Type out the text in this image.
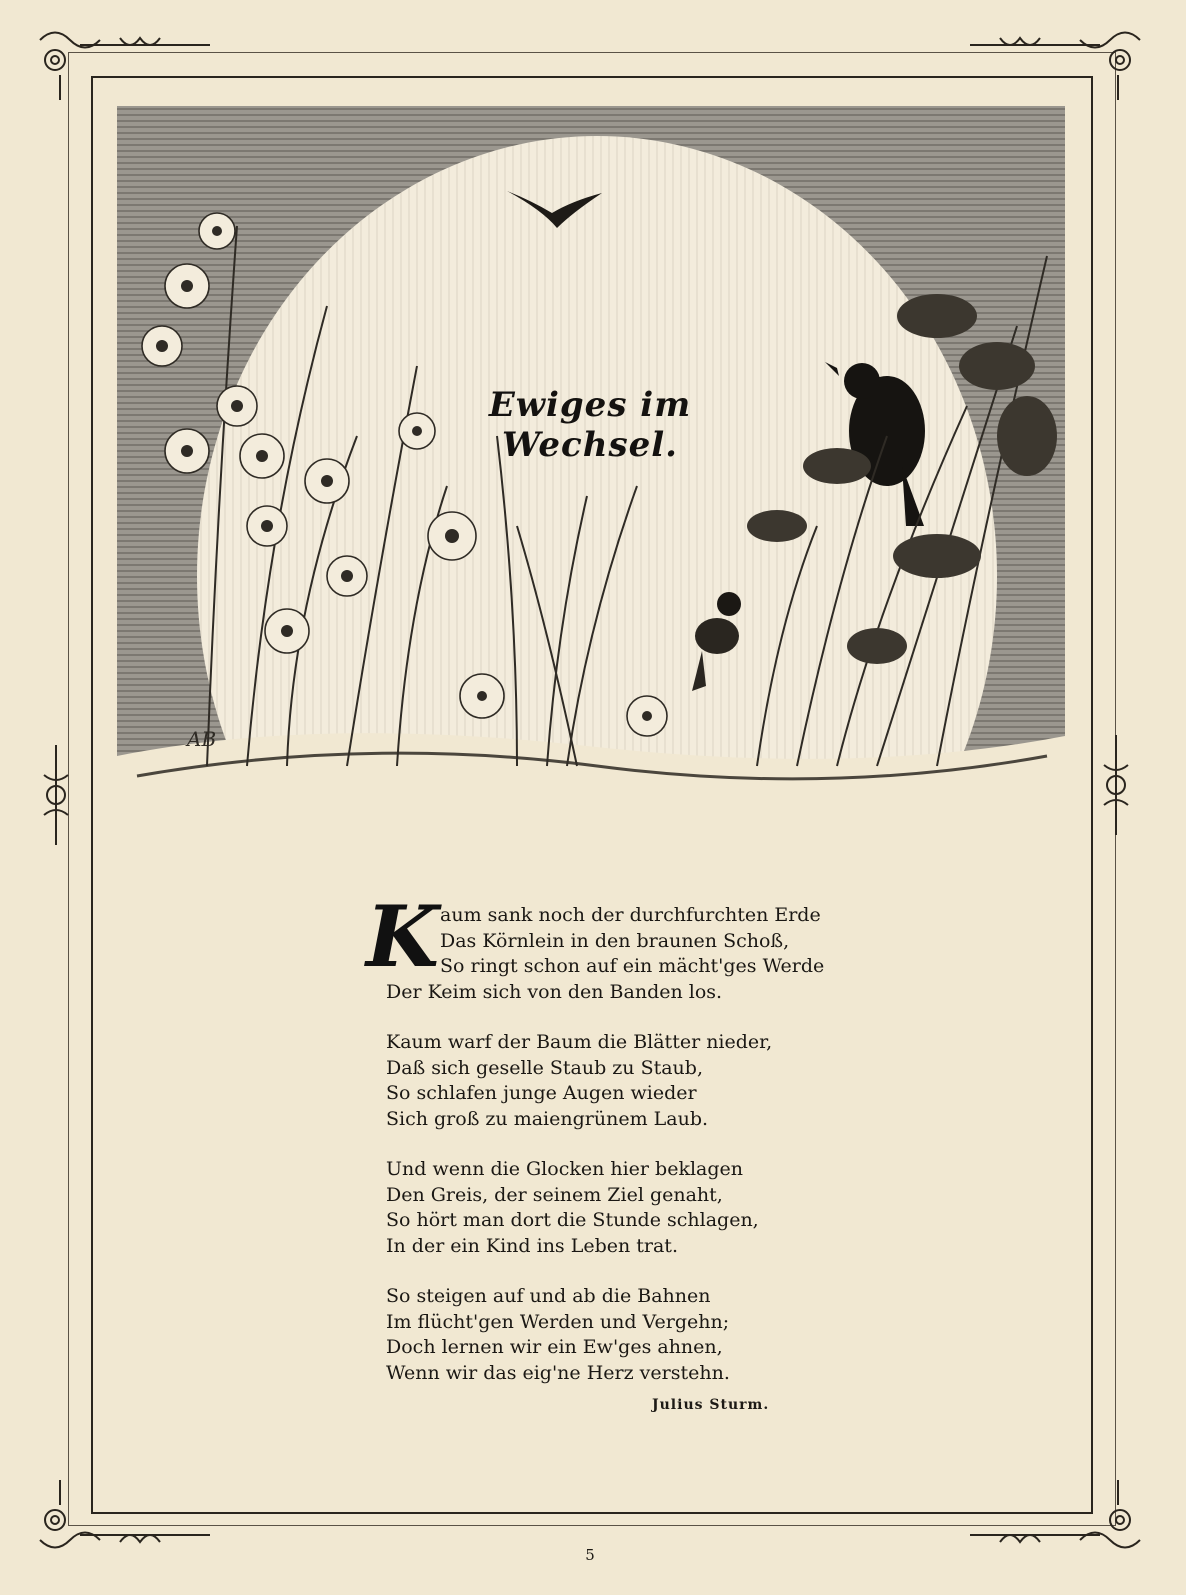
AB
Ewiges im Wechsel.
K aum sank noch der durchfurchten Erde
Das Körnlein in den braunen Schoß,
So ringt schon auf ein mächt'ges Werde
Der Keim sich von den Banden los.
Kaum warf der Baum die Blätter nieder,
Daß sich geselle Staub zu Staub,
So schlafen junge Augen wieder
Sich groß zu maiengrünem Laub.
Und wenn die Glocken hier beklagen
Den Greis, der seinem Ziel genaht,
So hört man dort die Stunde schlagen,
In der ein Kind ins Leben trat.
So steigen auf und ab die Bahnen
Im flücht'gen Werden und Vergehn;
Doch lernen wir ein Ew'ges ahnen,
Wenn wir das eig'ne Herz verstehn.
Julius Sturm.
5
